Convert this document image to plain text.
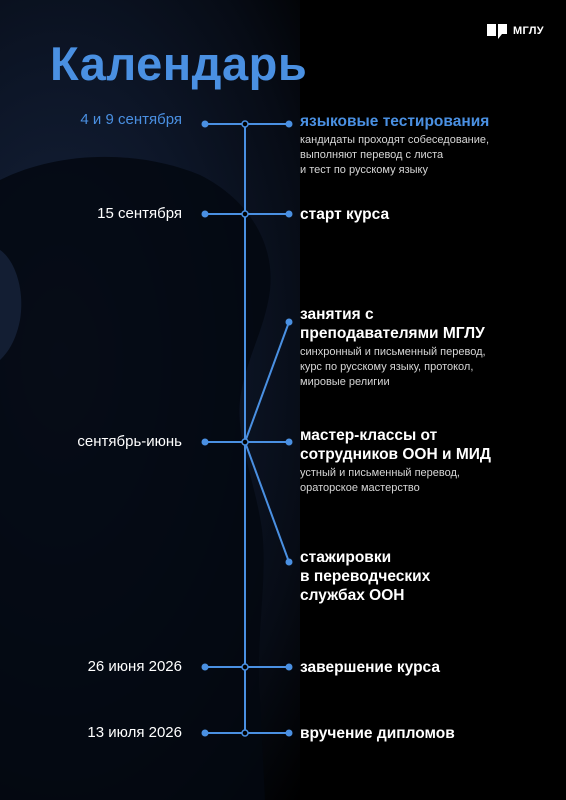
Календарь
МГЛУ
4 и 9 сентября
15 сентября
сентябрь-июнь
26 июня 2026
13 июля 2026
языковые тестирования
кандидаты проходят собеседование,
выполняют перевод с листа
и тест по русскому языку
старт курса
занятия с
преподавателями МГЛУ
синхронный и письменный перевод,
курс по русскому языку, протокол,
мировые религии
мастер-классы от
сотрудников ООН и МИД
устный и письменный перевод,
ораторское мастерство
стажировки
в переводческих
службах ООН
завершение курса
вручение дипломов
